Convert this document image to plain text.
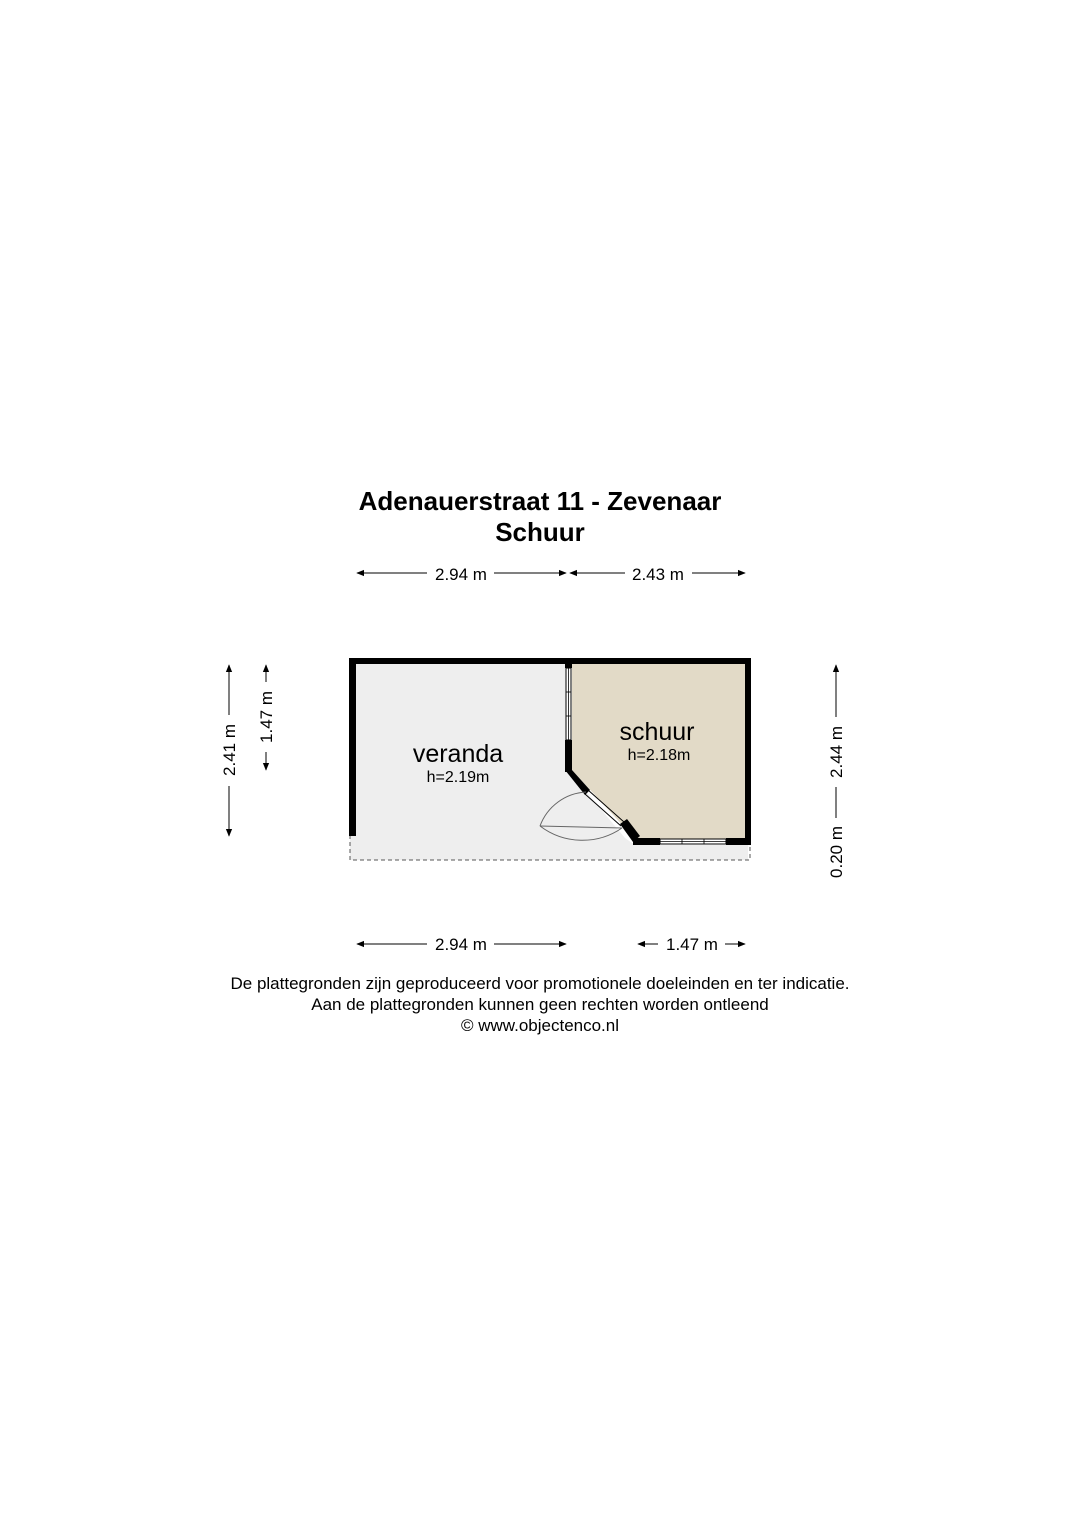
Adenauerstraat 11 - Zevenaar
Schuur
veranda
h=2.19m
schuur
h=2.18m
2.94 m	2.43 m
2.94 m	1.47 m
2.41 m
1.47 m
2.44 m
0.20 m
De plattegronden zijn geproduceerd voor promotionele doeleinden en ter indicatie.
Aan de plattegronden kunnen geen rechten worden ontleend
© www.objectenco.nl
